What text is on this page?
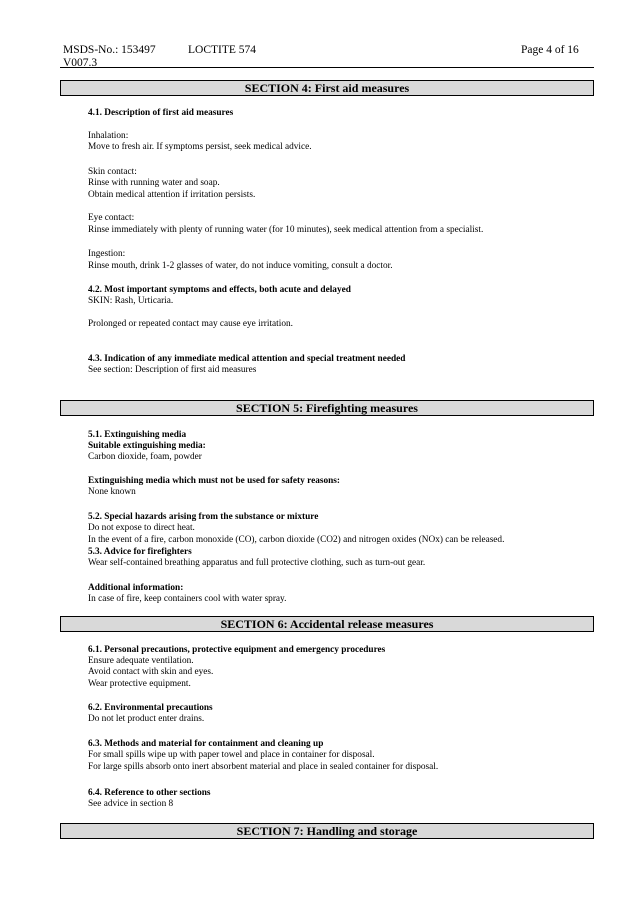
MSDS-No.: 153497	LOCTITE 574	Page 4 of 16
V007.3
SECTION 4: First aid measures
4.1. Description of first aid measures
Inhalation:
Move to fresh air. If symptoms persist, seek medical advice.
Skin contact:
Rinse with running water and soap.
Obtain medical attention if irritation persists.
Eye contact:
Rinse immediately with plenty of running water (for 10 minutes), seek medical attention from a specialist.
Ingestion:
Rinse mouth, drink 1-2 glasses of water, do not induce vomiting, consult a doctor.
4.2. Most important symptoms and effects, both acute and delayed
SKIN: Rash, Urticaria.
Prolonged or repeated contact may cause eye irritation.
4.3. Indication of any immediate medical attention and special treatment needed
See section: Description of first aid measures
SECTION 5: Firefighting measures
5.1. Extinguishing media
Suitable extinguishing media:
Carbon dioxide, foam, powder
Extinguishing media which must not be used for safety reasons:
None known
5.2. Special hazards arising from the substance or mixture
Do not expose to direct heat.
In the event of a fire, carbon monoxide (CO), carbon dioxide (CO2) and nitrogen oxides (NOx) can be released.
5.3. Advice for firefighters
Wear self-contained breathing apparatus and full protective clothing, such as turn-out gear.
Additional information:
In case of fire, keep containers cool with water spray.
SECTION 6: Accidental release measures
6.1. Personal precautions, protective equipment and emergency procedures
Ensure adequate ventilation.
Avoid contact with skin and eyes.
Wear protective equipment.
6.2. Environmental precautions
Do not let product enter drains.
6.3. Methods and material for containment and cleaning up
For small spills wipe up with paper towel and place in container for disposal.
For large spills absorb onto inert absorbent material and place in sealed container for disposal.
6.4. Reference to other sections
See advice in section 8
SECTION 7: Handling and storage
